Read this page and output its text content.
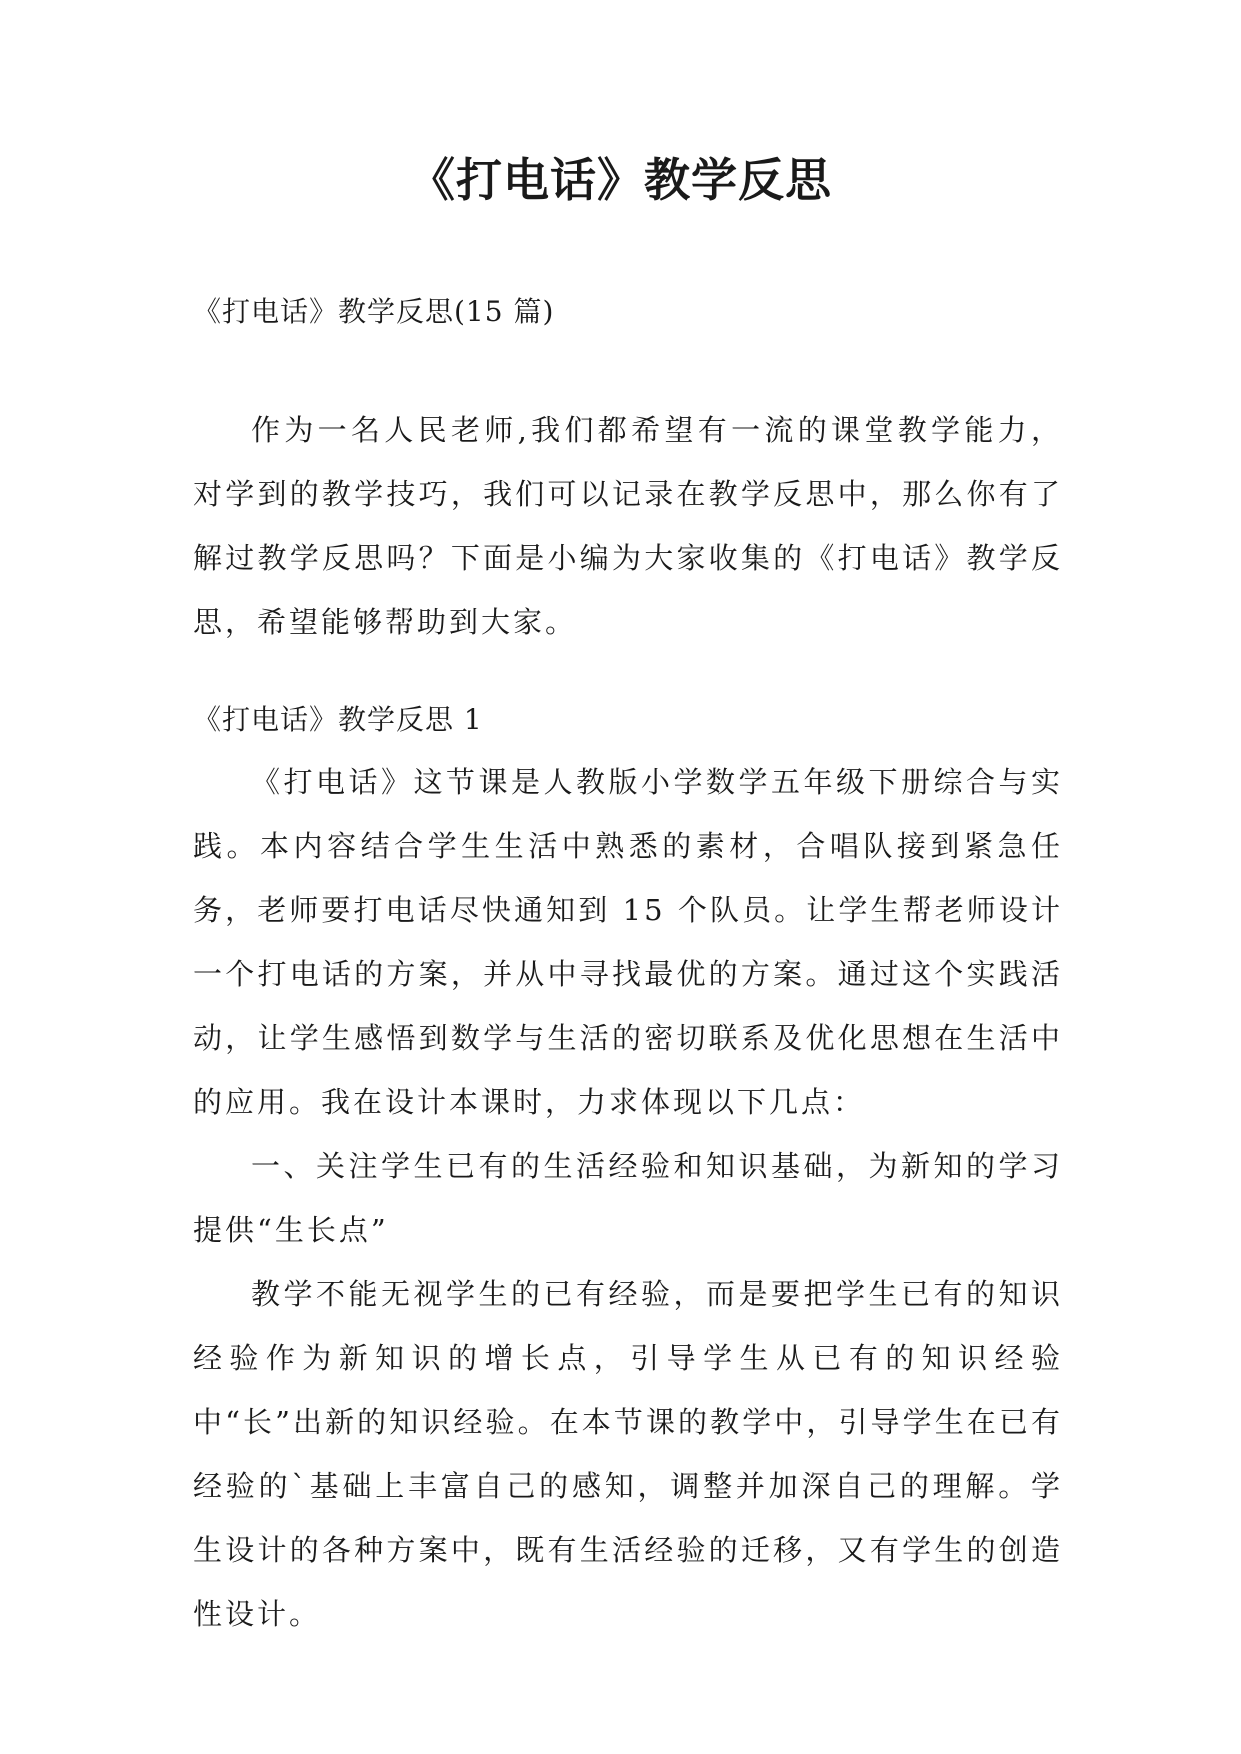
《打电话》教学反思
《打电话》教学反思(15 篇)

作为一名人民老师,我们都希望有一流的课堂教学能力，对学到的教学技巧，我们可以记录在教学反思中，那么你有了解过教学反思吗？下面是小编为大家收集的《打电话》教学反思，希望能够帮助到大家。

《打电话》教学反思 1

《打电话》这节课是人教版小学数学五年级下册综合与实践。本内容结合学生生活中熟悉的素材，合唱队接到紧急任务，老师要打电话尽快通知到 15 个队员。让学生帮老师设计一个打电话的方案，并从中寻找最优的方案。通过这个实践活动，让学生感悟到数学与生活的密切联系及优化思想在生活中的应用。我在设计本课时，力求体现以下几点：

一、关注学生已有的生活经验和知识基础，为新知的学习提供“生长点”

教学不能无视学生的已有经验，而是要把学生已有的知识经验作为新知识的增长点，引导学生从已有的知识经验中“长”出新的知识经验。在本节课的教学中，引导学生在已有经验的`基础上丰富自己的感知，调整并加深自己的理解。学生设计的各种方案中，既有生活经验的迁移，又有学生的创造性设计。
